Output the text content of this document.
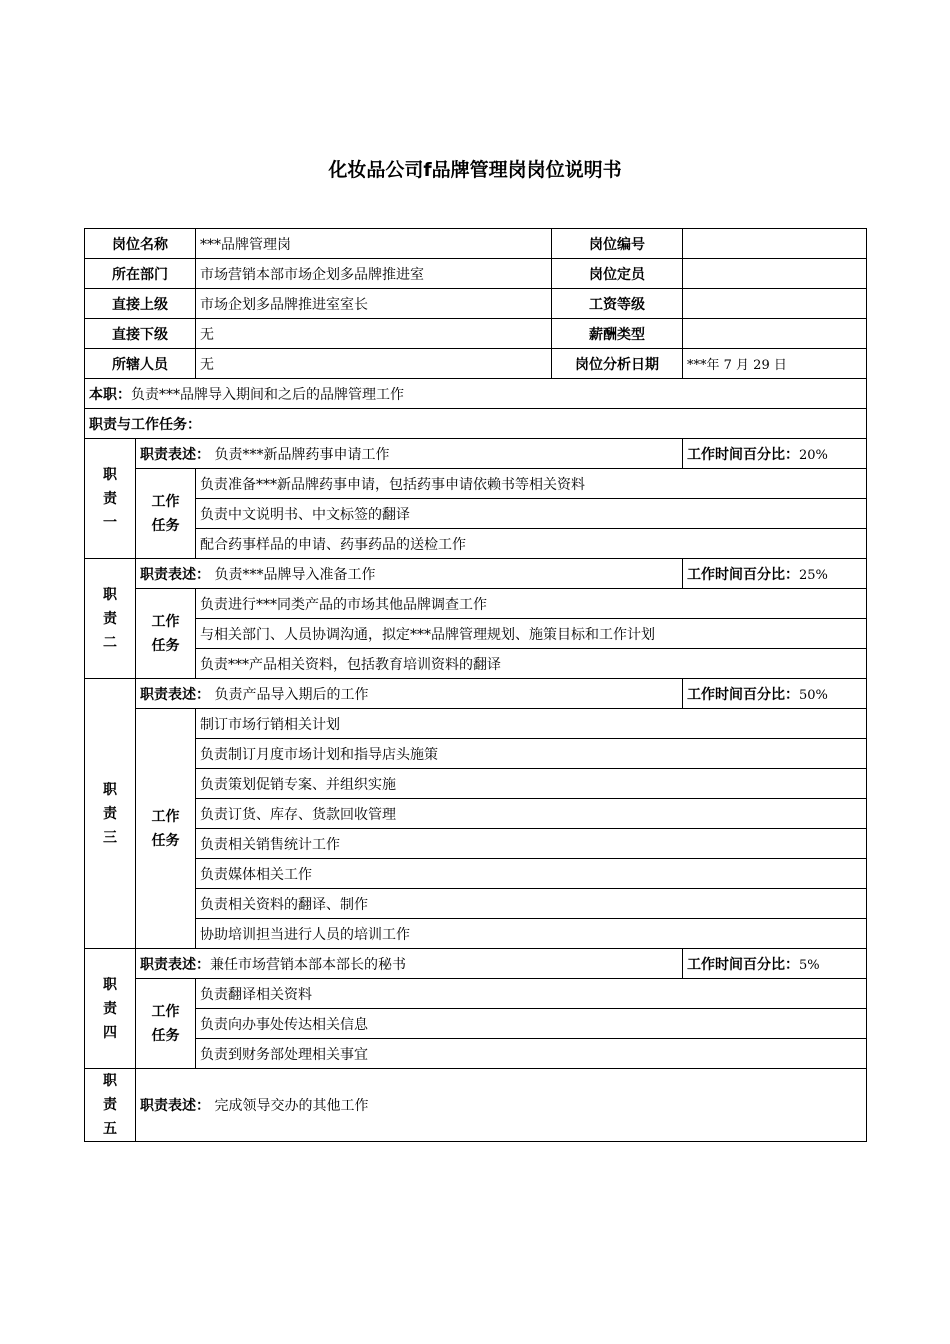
化妆品公司f品牌管理岗岗位说明书
岗位名称		***品牌管理岗	岗位编号	
所在部门		市场营销本部市场企划多品牌推进室	岗位定员	
直接上级		市场企划多品牌推进室室长	工资等级	
直接下级		无	薪酬类型	
所辖人员		无	岗位分析日期	***年 7 月 29 日
本职：负责***品牌导入期间和之后的品牌管理工作				
职责与工作任务：				
职责一	职责表述： 负责***新品牌药事申请工作			工作时间百分比：20%
	工作任务	负责准备***新品牌药事申请，包括药事申请依赖书等相关资料		
		负责中文说明书、中文标签的翻译		
		配合药事样品的申请、药事药品的送检工作		
职责二	职责表述： 负责***品牌导入准备工作			工作时间百分比：25%
	工作任务	负责进行***同类产品的市场其他品牌调查工作		
		与相关部门、人员协调沟通，拟定***品牌管理规划、施策目标和工作计划		
		负责***产品相关资料，包括教育培训资料的翻译		
职责三	职责表述： 负责产品导入期后的工作			工作时间百分比：50%
	工作任务	制订市场行销相关计划		
		负责制订月度市场计划和指导店头施策		
		负责策划促销专案、并组织实施		
		负责订货、库存、货款回收管理		
		负责相关销售统计工作		
		负责媒体相关工作		
		负责相关资料的翻译、制作		
		协助培训担当进行人员的培训工作		
职责四	职责表述：兼任市场营销本部本部长的秘书			工作时间百分比：5%
	工作任务	负责翻译相关资料		
		负责向办事处传达相关信息		
		负责到财务部处理相关事宜		
职责五	职责表述： 完成领导交办的其他工作			
